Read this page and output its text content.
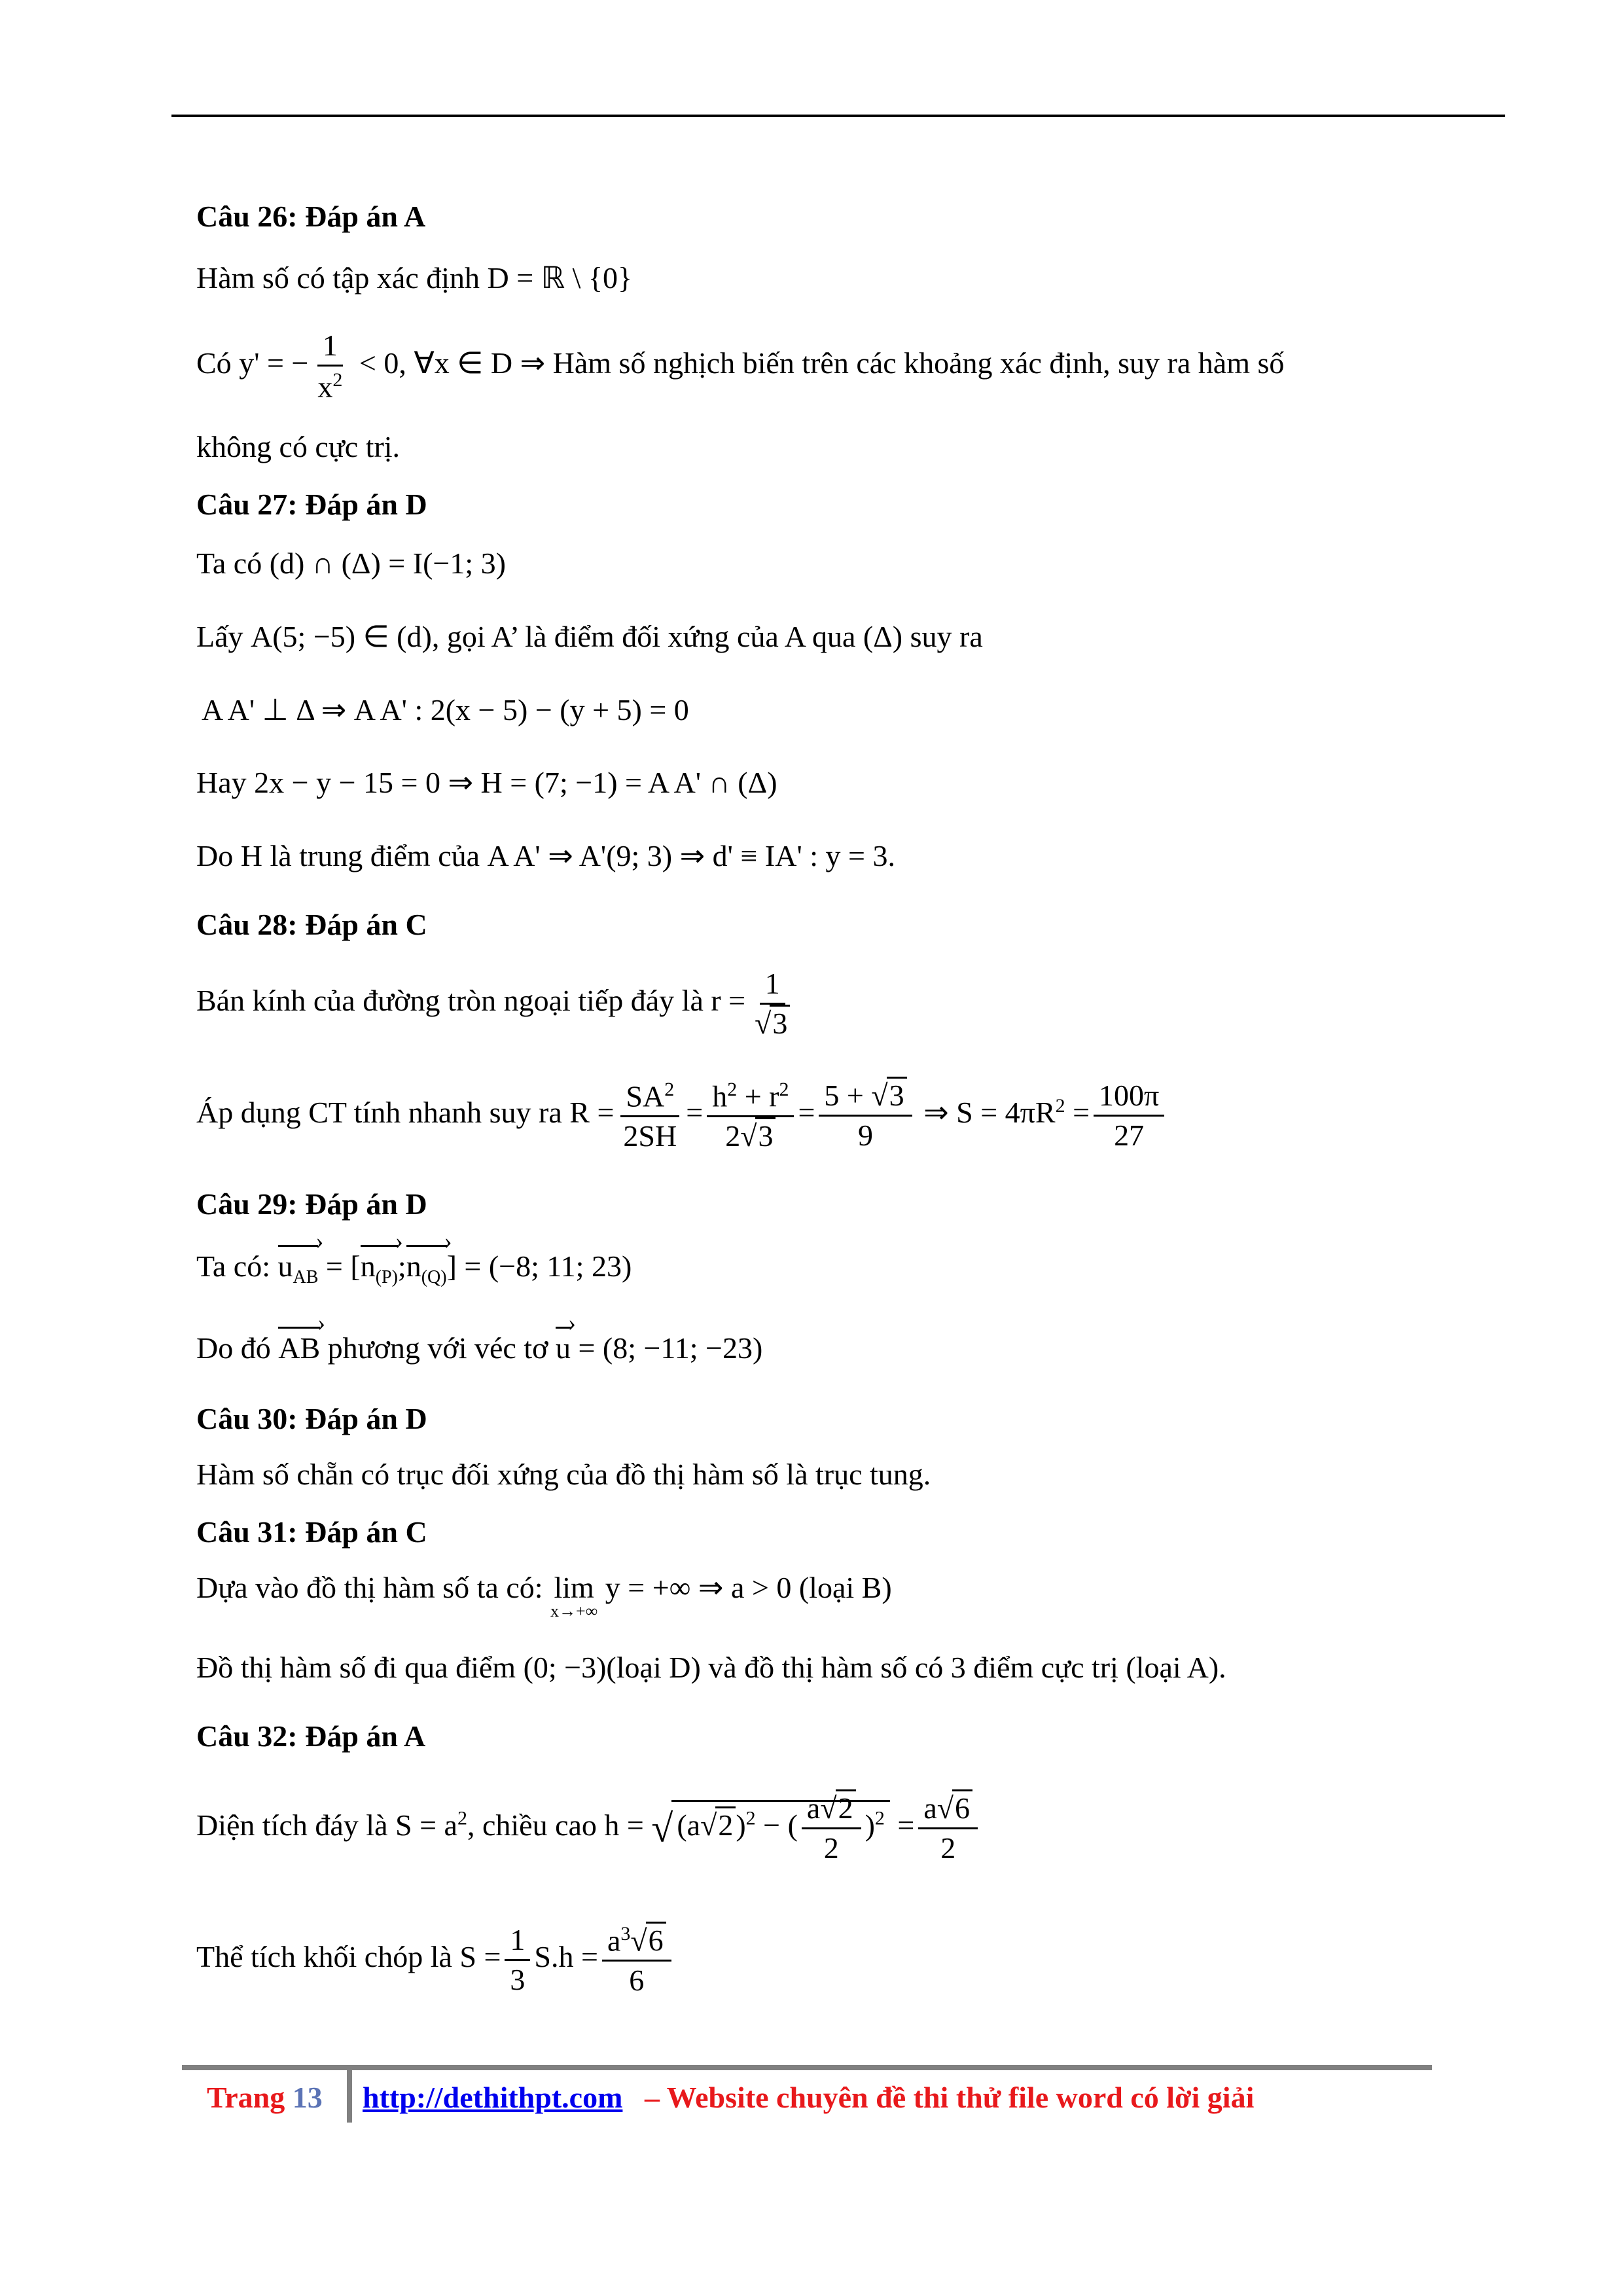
Câu 26: Đáp án A
Hàm số có tập xác định D = ℝ \ {0}
Có y' = − $\frac{1}{x^2} < 0$, ∀x ∈ D ⇒ Hàm số nghịch biến trên các khoảng xác định, suy ra hàm số
không có cực trị.
Câu 27: Đáp án D
Ta có (d) ∩ (Δ) = I(−1; 3)
Lấy A(5; −5) ∈ (d), gọi A’ là điểm đối xứng của A qua (Δ) suy ra
A A' ⊥ Δ ⇒ A A' : 2(x − 5) − (y + 5) = 0
Hay 2x − y − 15 = 0 ⇒ H = (7; −1) = A A' ∩ (Δ)
Do H là trung điểm của A A' ⇒ A'(9; 3) ⇒ d' ≡ IA' : y = 3.
Câu 28: Đáp án C
Bán kính của đường tròn ngoại tiếp đáy là $r = \frac{1}{√3}$
Áp dụng CT tính nhanh suy ra $R = \frac{SA^2}{2SH} = \frac{h^2 + r^2}{2√3} = \frac{5 + √3}{9}$ ⇒ $S = 4\pi R^2 = \frac{100\pi}{27}$
Câu 29: Đáp án D
Ta có: $u_{AB}$ › = [$n_{(P)}$ $›;n_{(Q)}$ ›] = (−8; 11; 23)
Do đó AB › phương với véc tơ u › = (8; −11; −23)
Câu 30: Đáp án D
Hàm số chẵn có trục đối xứng của đồ thị hàm số là trục tung.
Câu 31: Đáp án C
Dựa vào đồ thị hàm số ta có: lim
x→+∞
y = +∞ ⇒ a > 0 (loại B)
Đồ thị hàm số đi qua điểm (0; −3)(loại D) và đồ thị hàm số có 3 điểm cực trị (loại A).
Câu 32: Đáp án A
Diện tích đáy là $S = a^2$, chiều cao h = √ $(a√2)^2$ − ( $\frac{a√2}{2} )^2 = \frac{a√6}{2}$
Thể tích khối chóp là $S = \frac{1}{3} S.h = \frac{a^3√6}{6}$
Trang 13 http://dethithpt.com – Website chuyên đề thi thử file word có lời giải
